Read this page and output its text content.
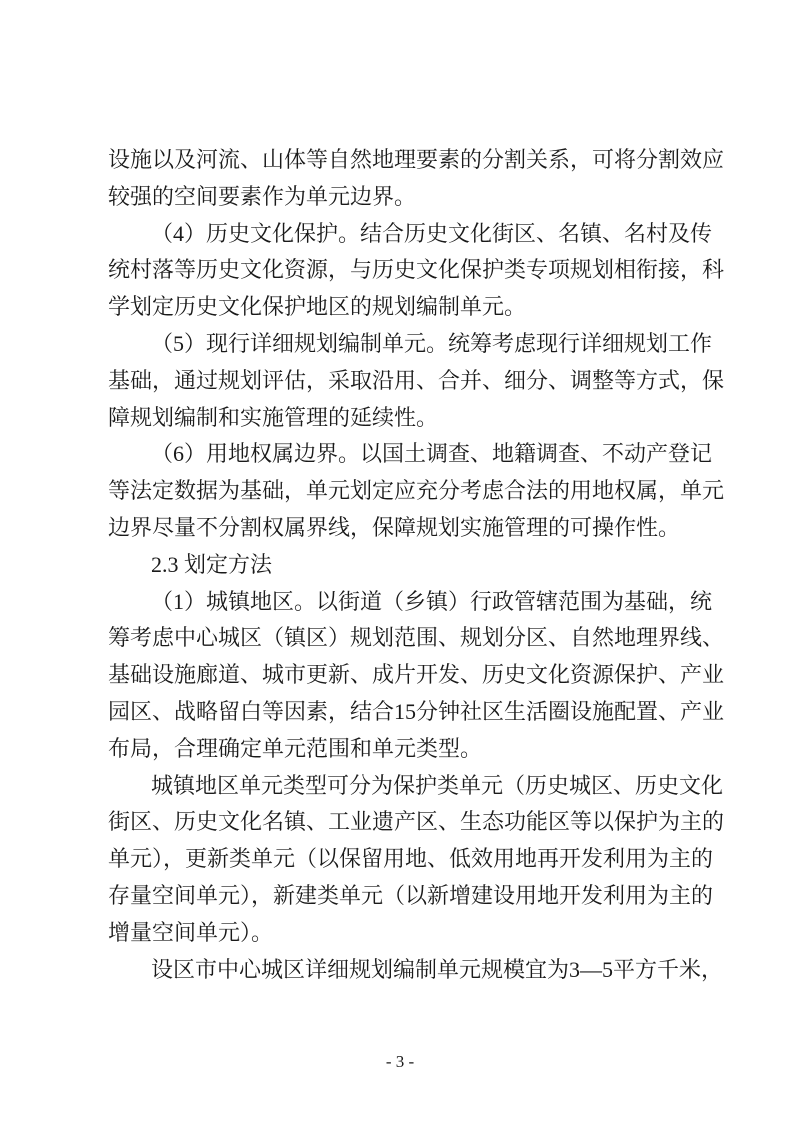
设施以及河流、山体等自然地理要素的分割关系，可将分割效应
较强的空间要素作为单元边界。
（4）历史文化保护。结合历史文化街区、名镇、名村及传
统村落等历史文化资源，与历史文化保护类专项规划相衔接，科
学划定历史文化保护地区的规划编制单元。
（5）现行详细规划编制单元。统筹考虑现行详细规划工作
基础，通过规划评估，采取沿用、合并、细分、调整等方式，保
障规划编制和实施管理的延续性。
（6）用地权属边界。以国土调查、地籍调查、不动产登记
等法定数据为基础，单元划定应充分考虑合法的用地权属，单元
边界尽量不分割权属界线，保障规划实施管理的可操作性。
2.3 划定方法
（1）城镇地区。以街道（乡镇）行政管辖范围为基础，统
筹考虑中心城区（镇区）规划范围、规划分区、自然地理界线、
基础设施廊道、城市更新、成片开发、历史文化资源保护、产业
园区、战略留白等因素，结合15分钟社区生活圈设施配置、产业
布局，合理确定单元范围和单元类型。
城镇地区单元类型可分为保护类单元（历史城区、历史文化
街区、历史文化名镇、工业遗产区、生态功能区等以保护为主的
单元），更新类单元（以保留用地、低效用地再开发利用为主的
存量空间单元），新建类单元（以新增建设用地开发利用为主的
增量空间单元）。
设区市中心城区详细规划编制单元规模宜为3—5平方千米，
- 3 -
